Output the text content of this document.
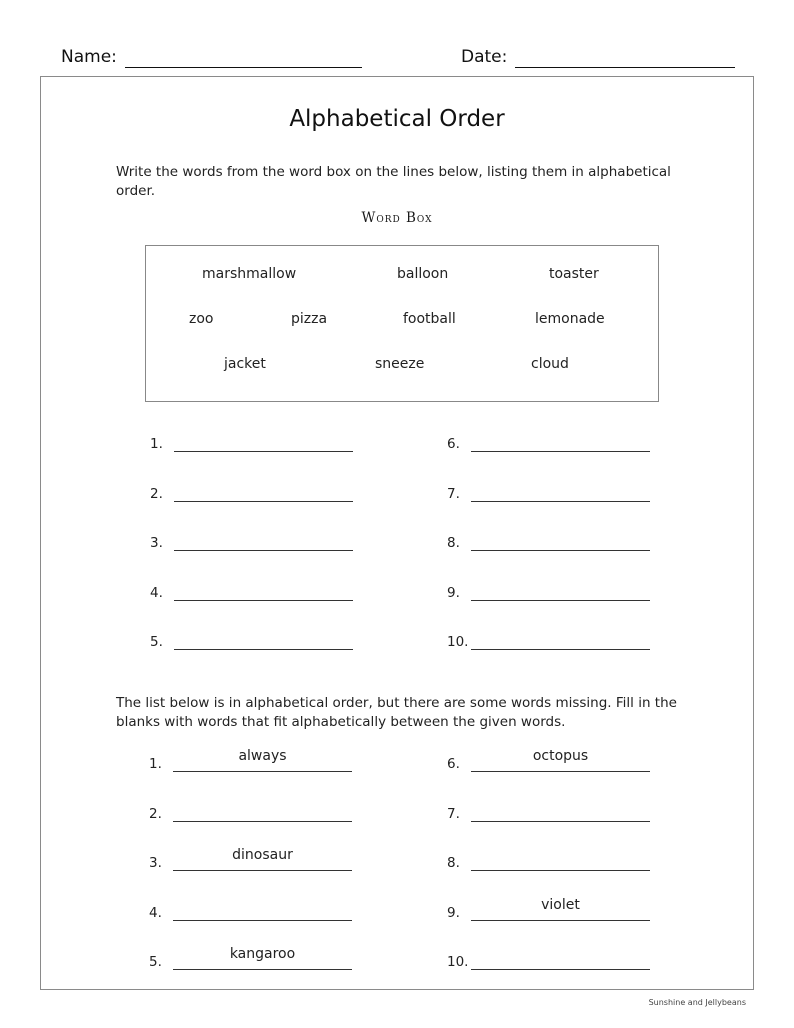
Name:	Date:
Alphabetical Order
Write the words from the word box on the lines below, listing them in alphabetical order.
Word Box
marshmallow	balloon	toaster
zoo	pizza	football	lemonade
jacket	sneeze	cloud
1.
2.
3.
4.
5.
6.
7.
8.
9.
10.
The list below is in alphabetical order, but there are some words missing. Fill in the blanks with words that fit alphabetically between the given words.
1.	always
2.
3.	dinosaur
4.
5.	kangaroo
6.	octopus
7.
8.
9.	violet
10.
Sunshine and Jellybeans
